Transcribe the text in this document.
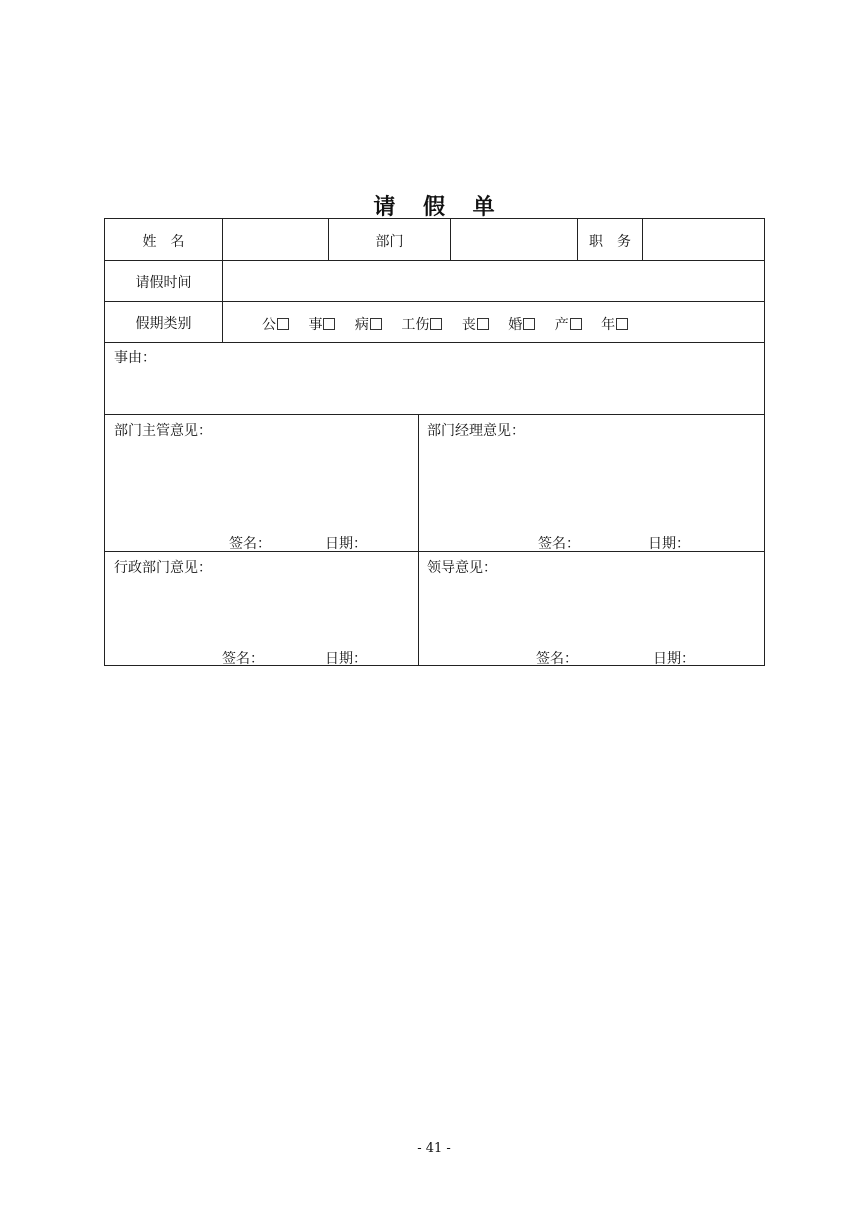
请 假 单
姓　名	部门	职　务
请假时间
假期类别	公 事 病 工伤 丧 婚 产 年
事由：
部门主管意见：
签名：	日期：
部门经理意见：
签名：	日期：
行政部门意见：
签名：	日期：
领导意见：
签名：	日期：
- 41 -
